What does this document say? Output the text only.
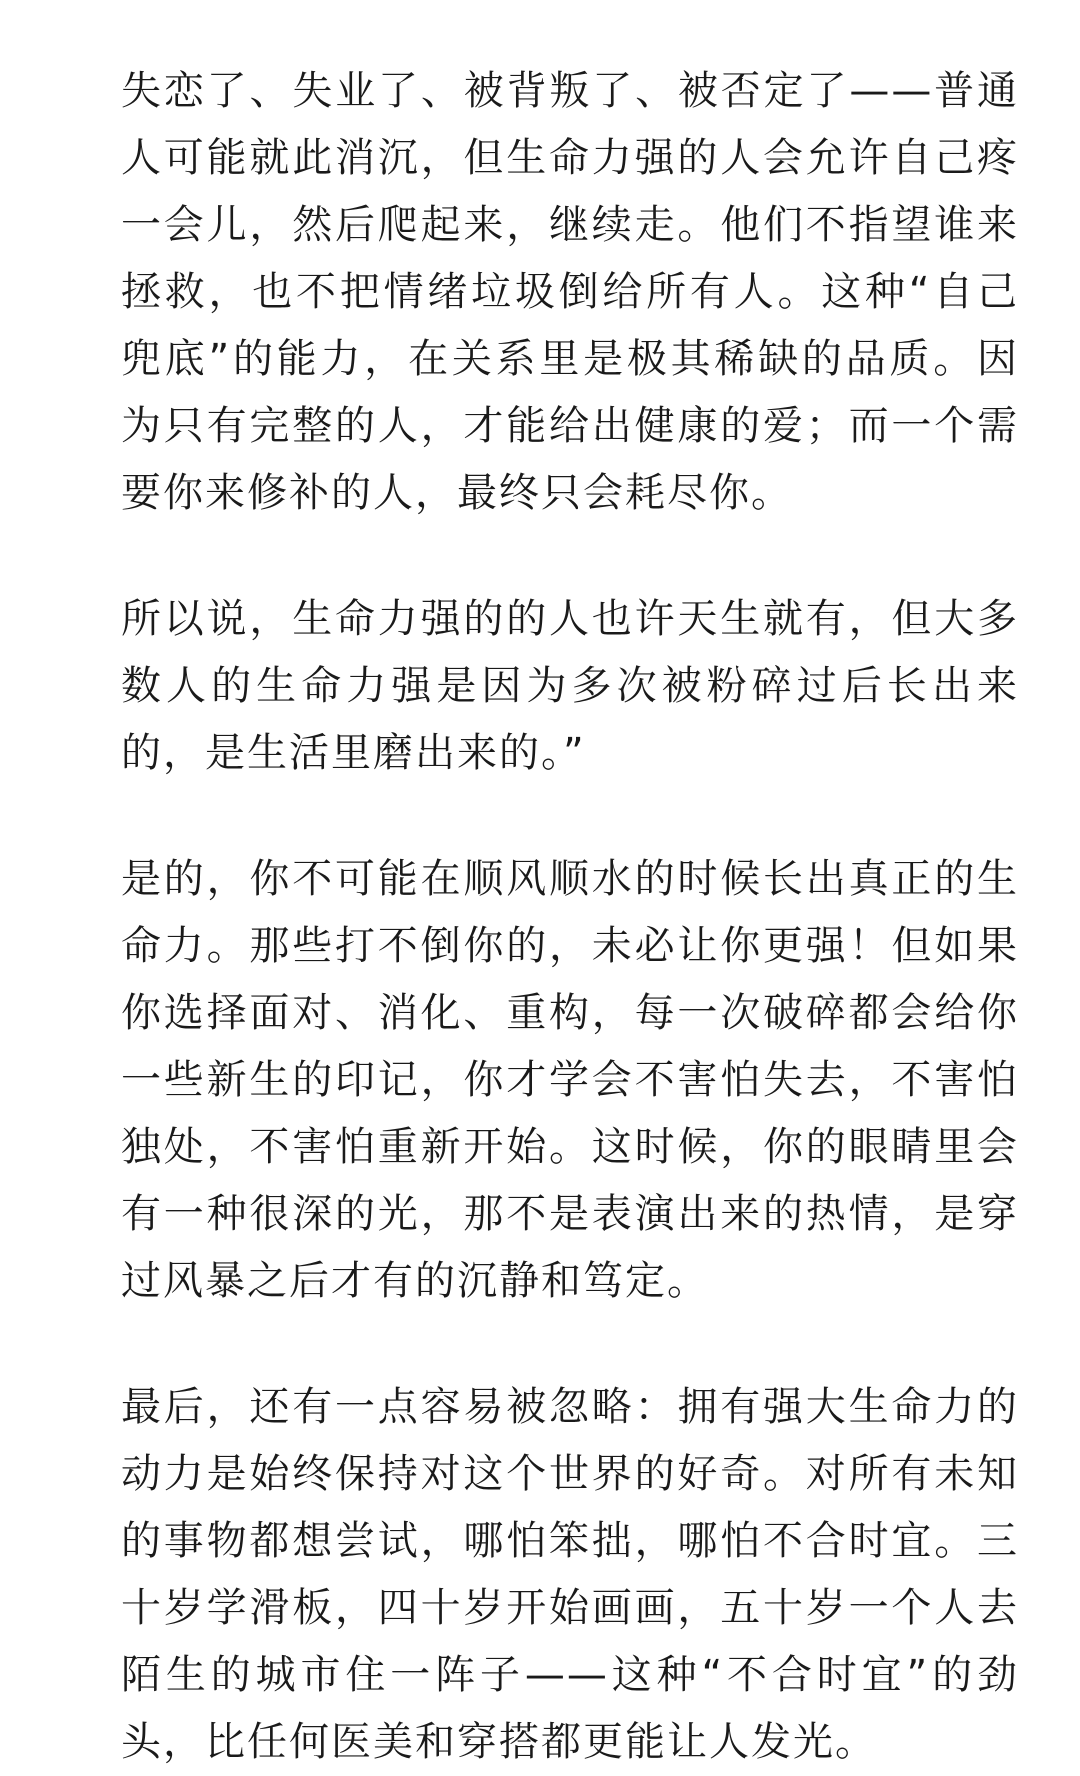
失恋了、失业了、被背叛了、被否定了——普通人可能就此消沉，但生命力强的人会允许自己疼一会儿，然后爬起来，继续走。他们不指望谁来拯救，也不把情绪垃圾倒给所有人。这种“自己兜底”的能力，在关系里是极其稀缺的品质。因为只有完整的人，才能给出健康的爱；而一个需要你来修补的人，最终只会耗尽你。

所以说，生命力强的的人也许天生就有，但大多数人的生命力强是因为多次被粉碎过后长出来的，是生活里磨出来的。”

是的，你不可能在顺风顺水的时候长出真正的生命力。那些打不倒你的，未必让你更强！但如果你选择面对、消化、重构，每一次破碎都会给你一些新生的印记，你才学会不害怕失去，不害怕独处，不害怕重新开始。这时候，你的眼睛里会有一种很深的光，那不是表演出来的热情，是穿过风暴之后才有的沉静和笃定。

最后，还有一点容易被忽略：拥有强大生命力的动力是始终保持对这个世界的好奇。对所有未知的事物都想尝试，哪怕笨拙，哪怕不合时宜。三十岁学滑板，四十岁开始画画，五十岁一个人去陌生的城市住一阵子——这种“不合时宜”的劲头，比任何医美和穿搭都更能让人发光。
